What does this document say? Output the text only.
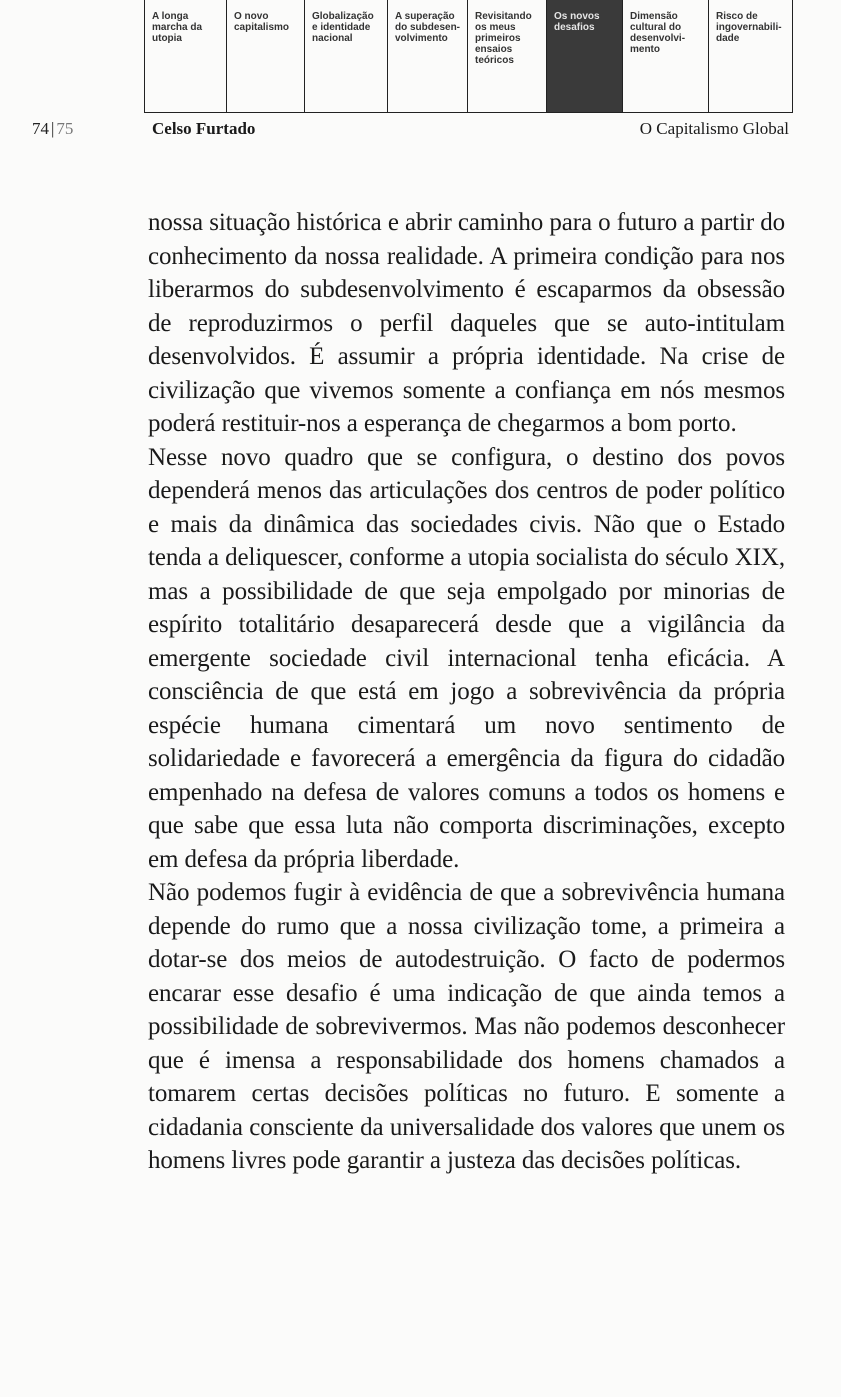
A longa
marcha da
utopia
O novo
capitalismo
Globalização
e identidade
nacional
A superação
do subdesen-
volvimento
Revisitando
os meus
primeiros
ensaios
teóricos
Os novos
desafios
Dimensão
cultural do
desenvolvi-
mento
Risco de
ingovernabili-
dade
74 | 75	Celso Furtado	O Capitalismo Global

nossa situação histórica e abrir caminho para o futuro a partir do conhecimento da nossa realidade. A primeira condição para nos liberarmos do subdesenvolvimento é escaparmos da obsessão de reproduzirmos o perfil daqueles que se auto-intitulam desenvolvidos. É assumir a própria identidade. Na crise de civilização que vivemos somente a confiança em nós mesmos poderá restituir-nos a esperança de chegarmos a bom porto.

Nesse novo quadro que se configura, o destino dos povos dependerá menos das articulações dos centros de poder político e mais da dinâmica das sociedades civis. Não que o Estado tenda a deliquescer, conforme a utopia socialista do século XIX, mas a possibilidade de que seja empolgado por minorias de espírito totalitário desaparecerá desde que a vigilância da emergente sociedade civil internacional tenha eficácia. A consciência de que está em jogo a sobrevivência da própria espécie humana cimentará um novo sentimento de solidariedade e favorecerá a emergência da figura do cidadão empenhado na defesa de valores comuns a todos os homens e que sabe que essa luta não comporta discriminações, excepto em defesa da própria liberdade.

Não podemos fugir à evidência de que a sobrevivência humana depende do rumo que a nossa civilização tome, a primeira a dotar-se dos meios de autodestruição. O facto de podermos encarar esse desafio é uma indicação de que ainda temos a possibilidade de sobrevivermos. Mas não podemos desconhecer que é imensa a responsabilidade dos homens chamados a tomarem certas decisões políticas no futuro. E somente a cidadania consciente da universalidade dos valores que unem os homens livres pode garantir a justeza das decisões políticas.
